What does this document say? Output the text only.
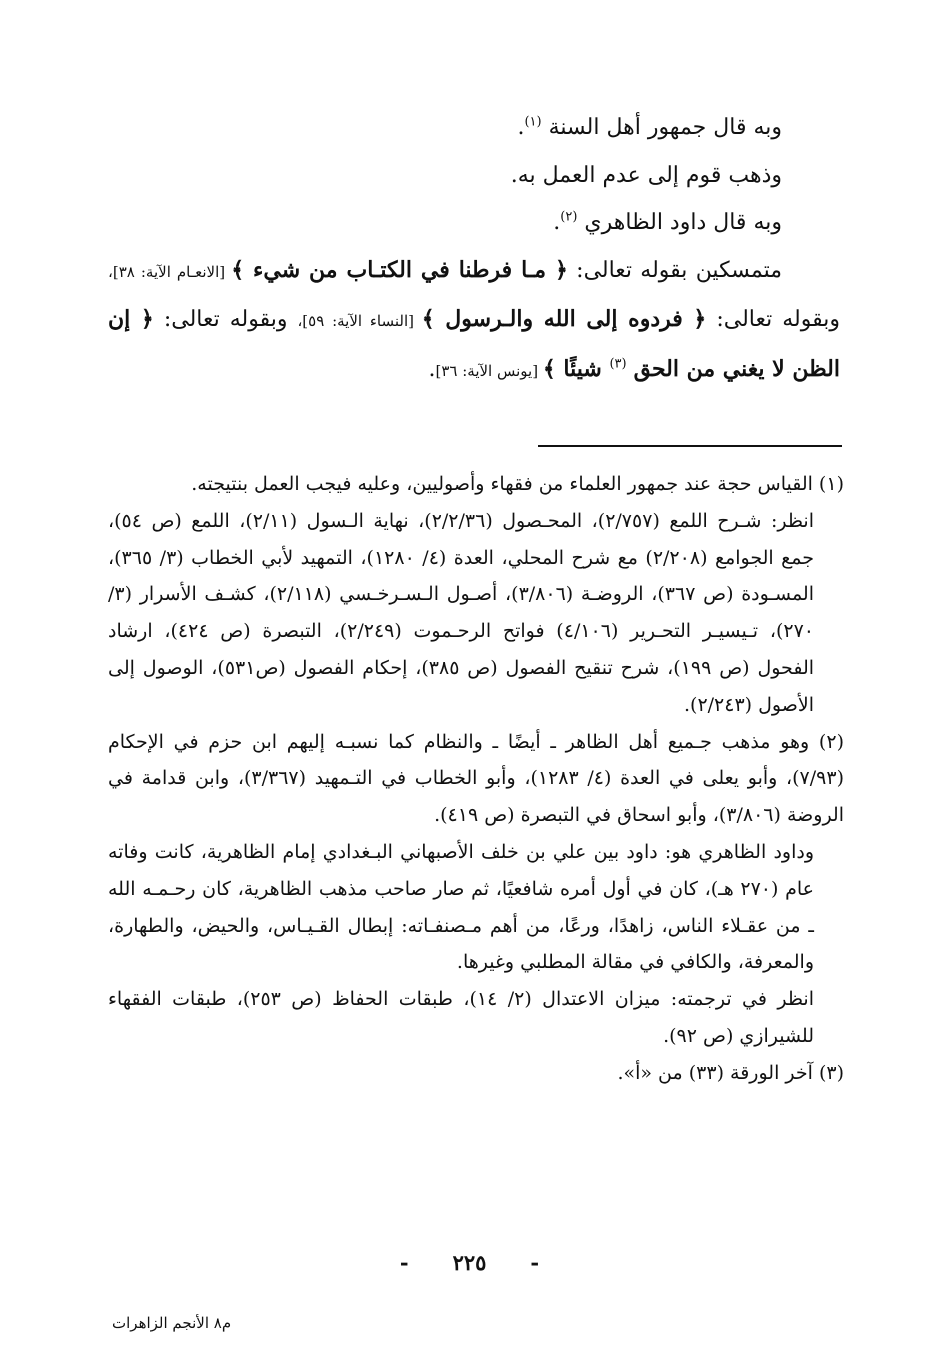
وبه قال جمهور أهل السنة $^{(١)}$.

وذهب قوم إلى عدم العمل به.

وبه قال داود الظاهري $^{(٢)}$.

متمسكين بقوله تعالى: ﴿ مـا فرطنا في الكتـاب من شيء ﴾ [الانعـام الآية: ٣٨]، وبقوله تعالى: ﴿ فردوه إلى الله والـرسول ﴾ [النساء الآية: ٥٩]، وبقوله تعالى: ﴿ إن الظن لا يغني من الحق $^{(٣)}$ شيئًا ﴾ [يونس الآية: ٣٦].

(١) القياس حجة عند جمهور العلماء من فقهاء وأصوليين، وعليه فيجب العمل بنتيجته.

انظر: شـرح اللمع (٢/٧٥٧)، المحـصول (٢/٢/٣٦)، نهاية الـسول (٢/١١)، اللمع (ص ٥٤)، جمع الجوامع (٢/٢٠٨) مع شرح المحلي، العدة (٤/ ١٢٨٠)، التمهيد لأبي الخطاب (٣/ ٣٦٥)، المسـودة (ص ٣٦٧)، الروضـة (٣/٨٠٦)، أصـول الـسـرخـسي (٢/١١٨)، كشـف الأسرار (٣/ ٢٧٠)، تـيسيـر التحـرير (٤/١٠٦) فواتح الرحـموت (٢/٢٤٩)، التبصرة (ص ٤٢٤)، ارشاد الفحول (ص ١٩٩)، شرح تنقيح الفصول (ص ٣٨٥)، إحكام الفصول (ص٥٣١)، الوصول إلى الأصول (٢/٢٤٣).

(٢) وهو مذهب جـميع أهل الظاهر ـ أيضًا ـ والنظام كما نسبـه إليهم ابن حزم في الإحكام (٧/٩٣)، وأبو يعلى في العدة (٤/ ١٢٨٣)، وأبو الخطاب في التـمهيد (٣/٣٦٧)، وابن قدامة في الروضة (٣/٨٠٦)، وأبو اسحاق في التبصرة (ص ٤١٩).

وداود الظاهري هو: داود بين علي بن خلف الأصبهاني البـغدادي إمام الظاهرية، كانت وفاته عام (٢٧٠ هـ)، كان في أول أمره شافعيًا، ثم صار صاحب مذهب الظاهرية، كان رحـمـه الله ـ من عقـلاء الناس، زاهدًا، ورعًا، من أهم مـصنفـاته: إبطال القـيـاس، والحيض، والطهارة، والمعرفة، والكافي في مقالة المطلبي وغيرها.

انظر في ترجمته: ميزان الاعتدال (٢/ ١٤)، طبقات الحفاظ (ص ٢٥٣)، طبقات الفقهاء للشيرازي (ص ٩٢).

(٣) آخر الورقة (٣٣) من «أ».

-٢٢٥-
م٨ الأنجم الزاهرات
